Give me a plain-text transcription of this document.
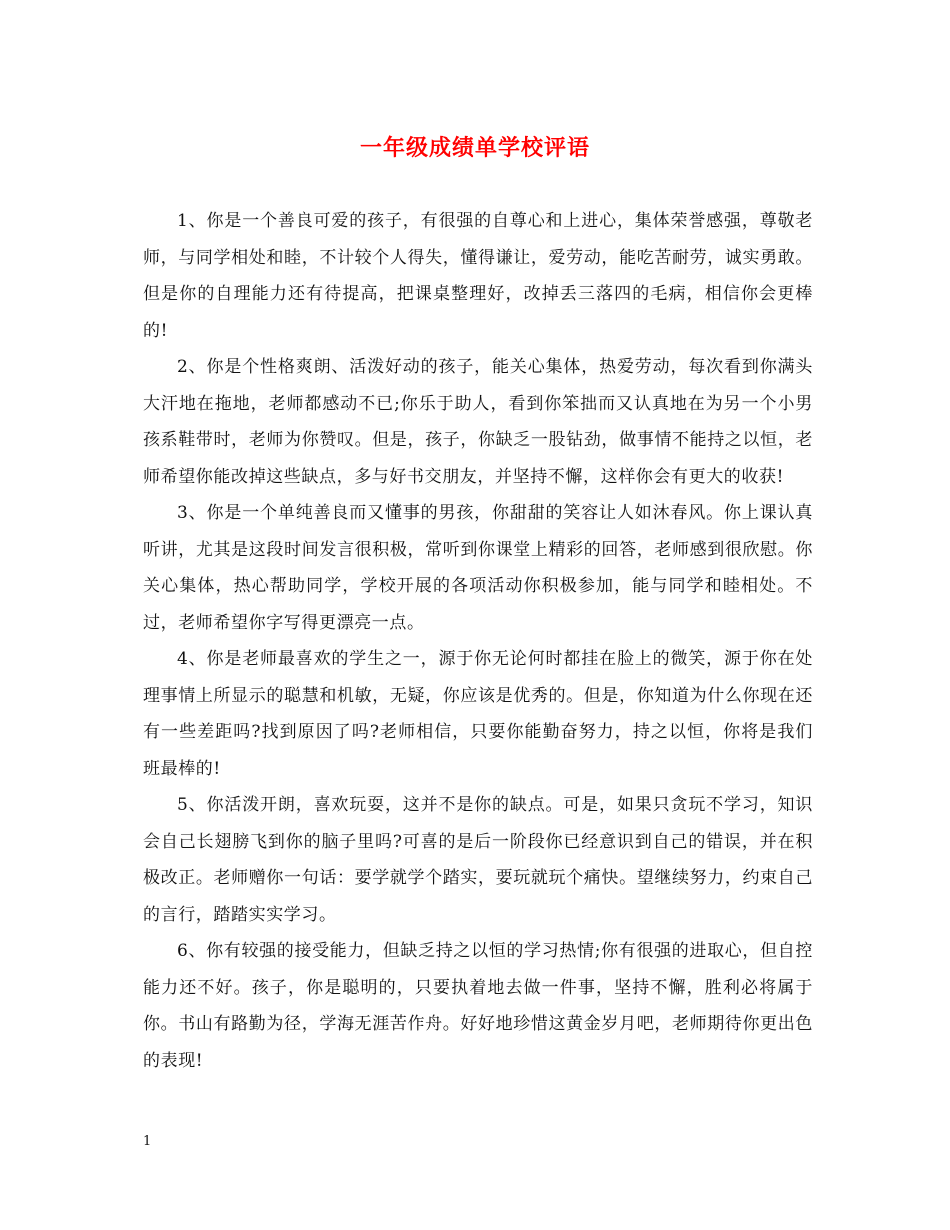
一年级成绩单学校评语

1、你是一个善良可爱的孩子，有很强的自尊心和上进心，集体荣誉感强，尊敬老师，与同学相处和睦，不计较个人得失，懂得谦让，爱劳动，能吃苦耐劳，诚实勇敢。但是你的自理能力还有待提高，把课桌整理好，改掉丢三落四的毛病，相信你会更棒的!

2、你是个性格爽朗、活泼好动的孩子，能关心集体，热爱劳动，每次看到你满头大汗地在拖地，老师都感动不已;你乐于助人，看到你笨拙而又认真地在为另一个小男孩系鞋带时，老师为你赞叹。但是，孩子，你缺乏一股钻劲，做事情不能持之以恒，老师希望你能改掉这些缺点，多与好书交朋友，并坚持不懈，这样你会有更大的收获!

3、你是一个单纯善良而又懂事的男孩，你甜甜的笑容让人如沐春风。你上课认真听讲，尤其是这段时间发言很积极，常听到你课堂上精彩的回答，老师感到很欣慰。你关心集体，热心帮助同学，学校开展的各项活动你积极参加，能与同学和睦相处。不过，老师希望你字写得更漂亮一点。

4、你是老师最喜欢的学生之一，源于你无论何时都挂在脸上的微笑，源于你在处理事情上所显示的聪慧和机敏，无疑，你应该是优秀的。但是，你知道为什么你现在还有一些差距吗?找到原因了吗?老师相信，只要你能勤奋努力，持之以恒，你将是我们班最棒的!

5、你活泼开朗，喜欢玩耍，这并不是你的缺点。可是，如果只贪玩不学习，知识会自己长翅膀飞到你的脑子里吗?可喜的是后一阶段你已经意识到自己的错误，并在积极改正。老师赠你一句话：要学就学个踏实，要玩就玩个痛快。望继续努力，约束自己的言行，踏踏实实学习。

6、你有较强的接受能力，但缺乏持之以恒的学习热情;你有很强的进取心，但自控能力还不好。孩子，你是聪明的，只要执着地去做一件事，坚持不懈，胜利必将属于你。书山有路勤为径，学海无涯苦作舟。好好地珍惜这黄金岁月吧，老师期待你更出色的表现!

1
